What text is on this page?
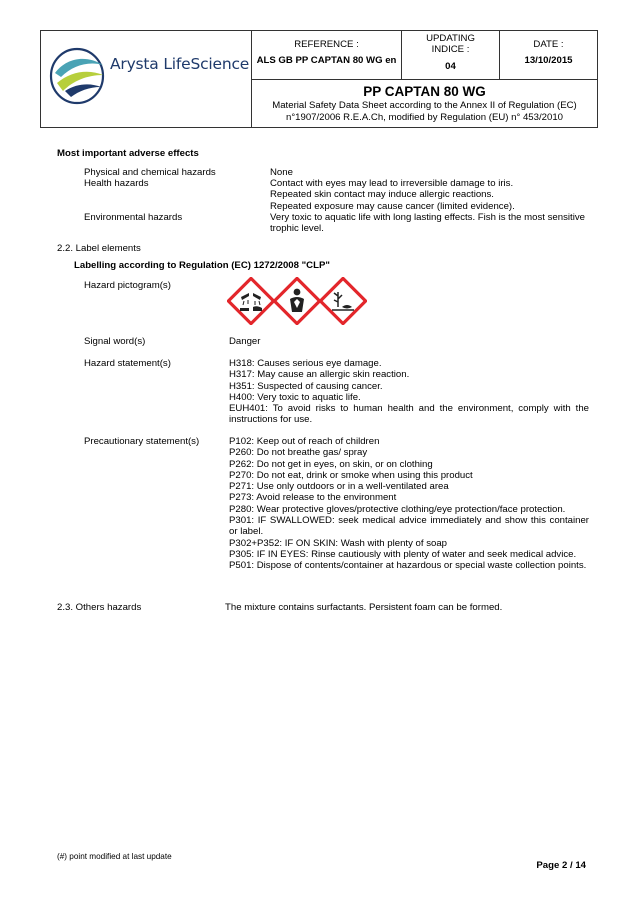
Arysta LifeScience
REFERENCE :
ALS GB PP CAPTAN 80 WG en
UPDATING
INDICE :
04
DATE :
13/10/2015
PP CAPTAN 80 WG
Material Safety Data Sheet according to the Annex II of Regulation (EC)
n°1907/2006 R.E.A.Ch, modified by Regulation (EU) n° 453/2010
Most important adverse effects
Physical and chemical hazards	None
Health hazards	Contact with eyes may lead to irreversible damage to iris.

Repeated skin contact may induce allergic reactions.

Repeated exposure may cause cancer (limited evidence).

Environmental hazards	Very toxic to aquatic life with long lasting effects. Fish is the most sensitive

trophic level.

2.2. Label elements
Labelling according to Regulation (EC) 1272/2008 "CLP"
Hazard pictogram(s)
Signal word(s)	Danger
Hazard statement(s)	H318: Causes serious eye damage.

H317: May cause an allergic skin reaction.

H351: Suspected of causing cancer.

H400: Very toxic to aquatic life.

EUH401: To avoid risks to human health and the environment, comply with the

instructions for use.

Precautionary statement(s)	P102: Keep out of reach of children

P260: Do not breathe gas/ spray

P262: Do not get in eyes, on skin, or on clothing

P270: Do not eat, drink or smoke when using this product

P271: Use only outdoors or in a well-ventilated area

P273: Avoid release to the environment

P280: Wear protective gloves/protective clothing/eye protection/face protection.

P301: IF SWALLOWED: seek medical advice immediately and show this container

or label.

P302+P352: IF ON SKIN: Wash with plenty of soap

P305: IF IN EYES: Rinse cautiously with plenty of water and seek medical advice.

P501: Dispose of contents/container at hazardous or special waste collection points.

2.3. Others hazards	The mixture contains surfactants. Persistent foam can be formed.
(#) point modified at last update
Page 2 / 14
